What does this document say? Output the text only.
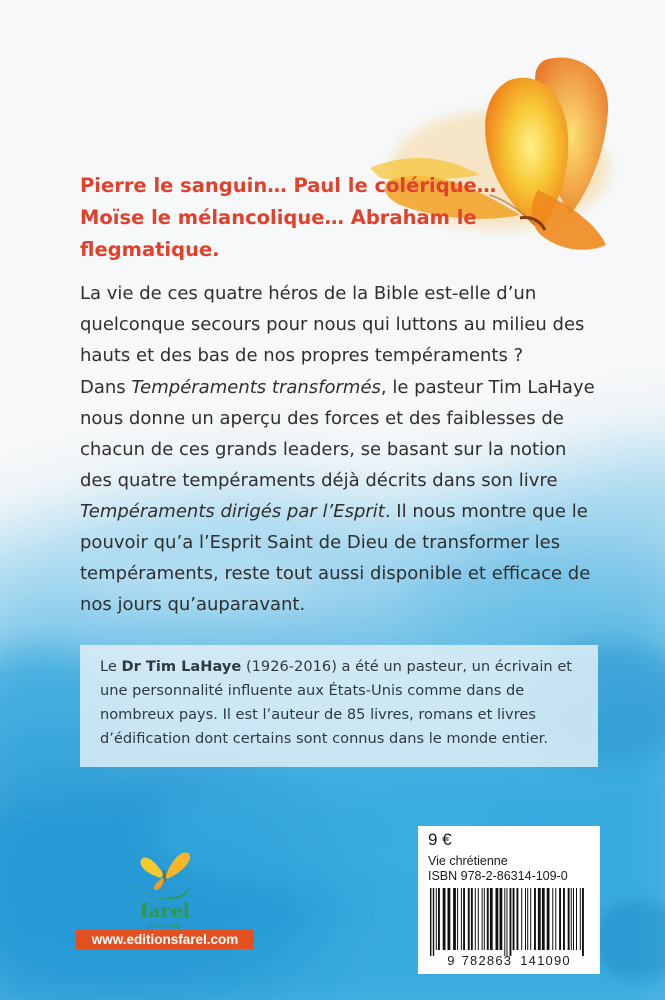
Pierre le sanguin… Paul le colérique…
Moïse le mélancolique… Abraham le
flegmatique.
La vie de ces quatre héros de la Bible est-elle d’un quelconque secours pour nous qui luttons au milieu des hauts et des bas de nos propres tempéraments ?
Dans Tempéraments transformés, le pasteur Tim LaHaye nous donne un aperçu des forces et des faiblesses de chacun de ces grands leaders, se basant sur la notion des quatre tempéraments déjà décrits dans son livre Tempéraments dirigés par l’Esprit. Il nous montre que le pouvoir qu’a l’Esprit Saint de Dieu de transformer les tempéraments, reste tout aussi disponible et efficace de nos jours qu’auparavant.
Le Dr Tim LaHaye (1926-2016) a été un pasteur, un écrivain et une personnalité influente aux États-Unis comme dans de nombreux pays. Il est l’auteur de 85 livres, romans et livres d’édification dont certains sont connus dans le monde entier.
farel
EDITIONS
www.editionsfarel.com
9 €
Vie chrétienne
ISBN 978-2-86314-109-0
9 782863 141090
